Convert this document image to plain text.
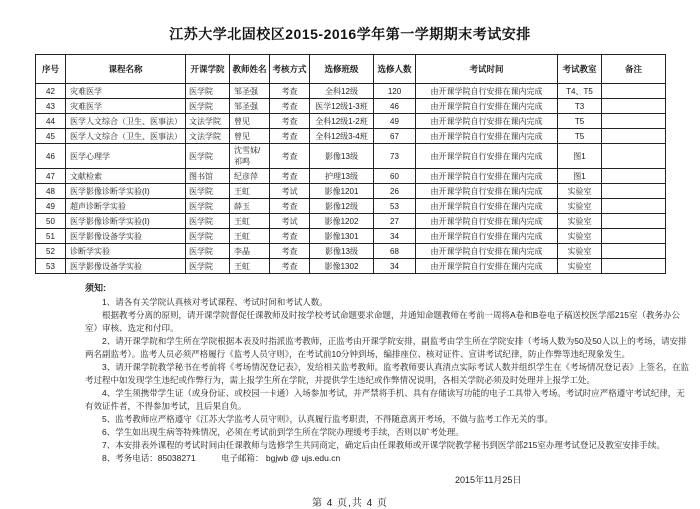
江苏大学北固校区2015-2016学年第一学期期末考试安排
序号	课程名称	开课学院	教师姓名	考核方式	选修班级	选修人数	考试时间	考试教室	备注
42	灾难医学	医学院	邹圣强	考查	全科12级	120	由开课学院自行安排在课内完成	T4、T5	
43	灾难医学	医学院	邹圣强	考查	医学12级1-3班	46	由开课学院自行安排在课内完成	T3	
44	医学人文综合（卫生、医事法）	文法学院	曾见	考查	全科12级1-2班	49	由开课学院自行安排在课内完成	T5	
45	医学人文综合（卫生、医事法）	文法学院	曾见	考查	全科12级3-4班	67	由开课学院自行安排在课内完成	T5	
46	医学心理学	医学院	沈雪妹/祁鸣	考查	影像13级	73	由开课学院自行安排在课内完成	图1	
47	文献检索	图书馆	纪彦萍	考查	护理13级	60	由开课学院自行安排在课内完成	图1	
48	医学影像诊断学实验(Ⅰ)	医学院	王虹	考试	影像1201	26	由开课学院自行安排在课内完成	实验室	
49	超声诊断学实验	医学院	薛玉	考查	影像12级	53	由开课学院自行安排在课内完成	实验室	
50	医学影像诊断学实验(Ⅰ)	医学院	王虹	考试	影像1202	27	由开课学院自行安排在课内完成	实验室	
51	医学影像设备学实验	医学院	王虹	考查	影像1301	34	由开课学院自行安排在课内完成	实验室	
52	诊断学实验	医学院	李晶	考查	影像13级	68	由开课学院自行安排在课内完成	实验室	
53	医学影像设备学实验	医学院	王虹	考查	影像1302	34	由开课学院自行安排在课内完成	实验室	
须知:

1、请各有关学院认真核对考试课程、考试时间和考试人数。

根据教考分离的原则，请开课学院督促任课教师及时按学校考试命题要求命题，并通知命题教师在考前一周将A卷和B卷电子稿送校医学部215室（教务办公室）审核、选定和付印。

2、请开课学院和学生所在学院根据本表及时指派监考教师，正监考由开课学院安排，副监考由学生所在学院安排（考场人数为50及50人以上的考场，请安排两名副监考）。监考人员必须严格履行《监考人员守则》，在考试前10分钟到场，编排座位、核对证件、宣讲考试纪律，防止作弊等违纪现象发生。

3、请开课学院教学秘书在考前将《考场情况登记表》，发给相关监考教师。监考教师要认真清点实际考试人数并组织学生在《考场情况登记表》上签名，在监考过程中如发现学生违纪或作弊行为，需上报学生所在学院，并提供学生违纪或作弊情况说明，各相关学院必须及时处理并上报学工处。

4、学生须携带学生证（或身份证、或校园一卡通）入场参加考试，并严禁将手机、具有存储读写功能的电子工具带入考场。考试时应严格遵守考试纪律，无有效证件者，不得参加考试，且后果自负。

5、监考教师应严格遵守《江苏大学监考人员守则》，认真履行监考职责，不得随意离开考场，不做与监考工作无关的事。

6、学生如出现生病等特殊情况，必须在考试前到学生所在学院办理缓考手续，否则以旷考处理。

7、本安排表外课程的考试时间由任课教师与选修学生共同商定，确定后由任课教师或开课学院教学秘书到医学部215室办理考试登记及教室安排手续。

8、考务电话：85038271　　　电子邮箱： bgjwb @ ujs.edu.cn

2015年11月25日
第 4 页,共 4 页
